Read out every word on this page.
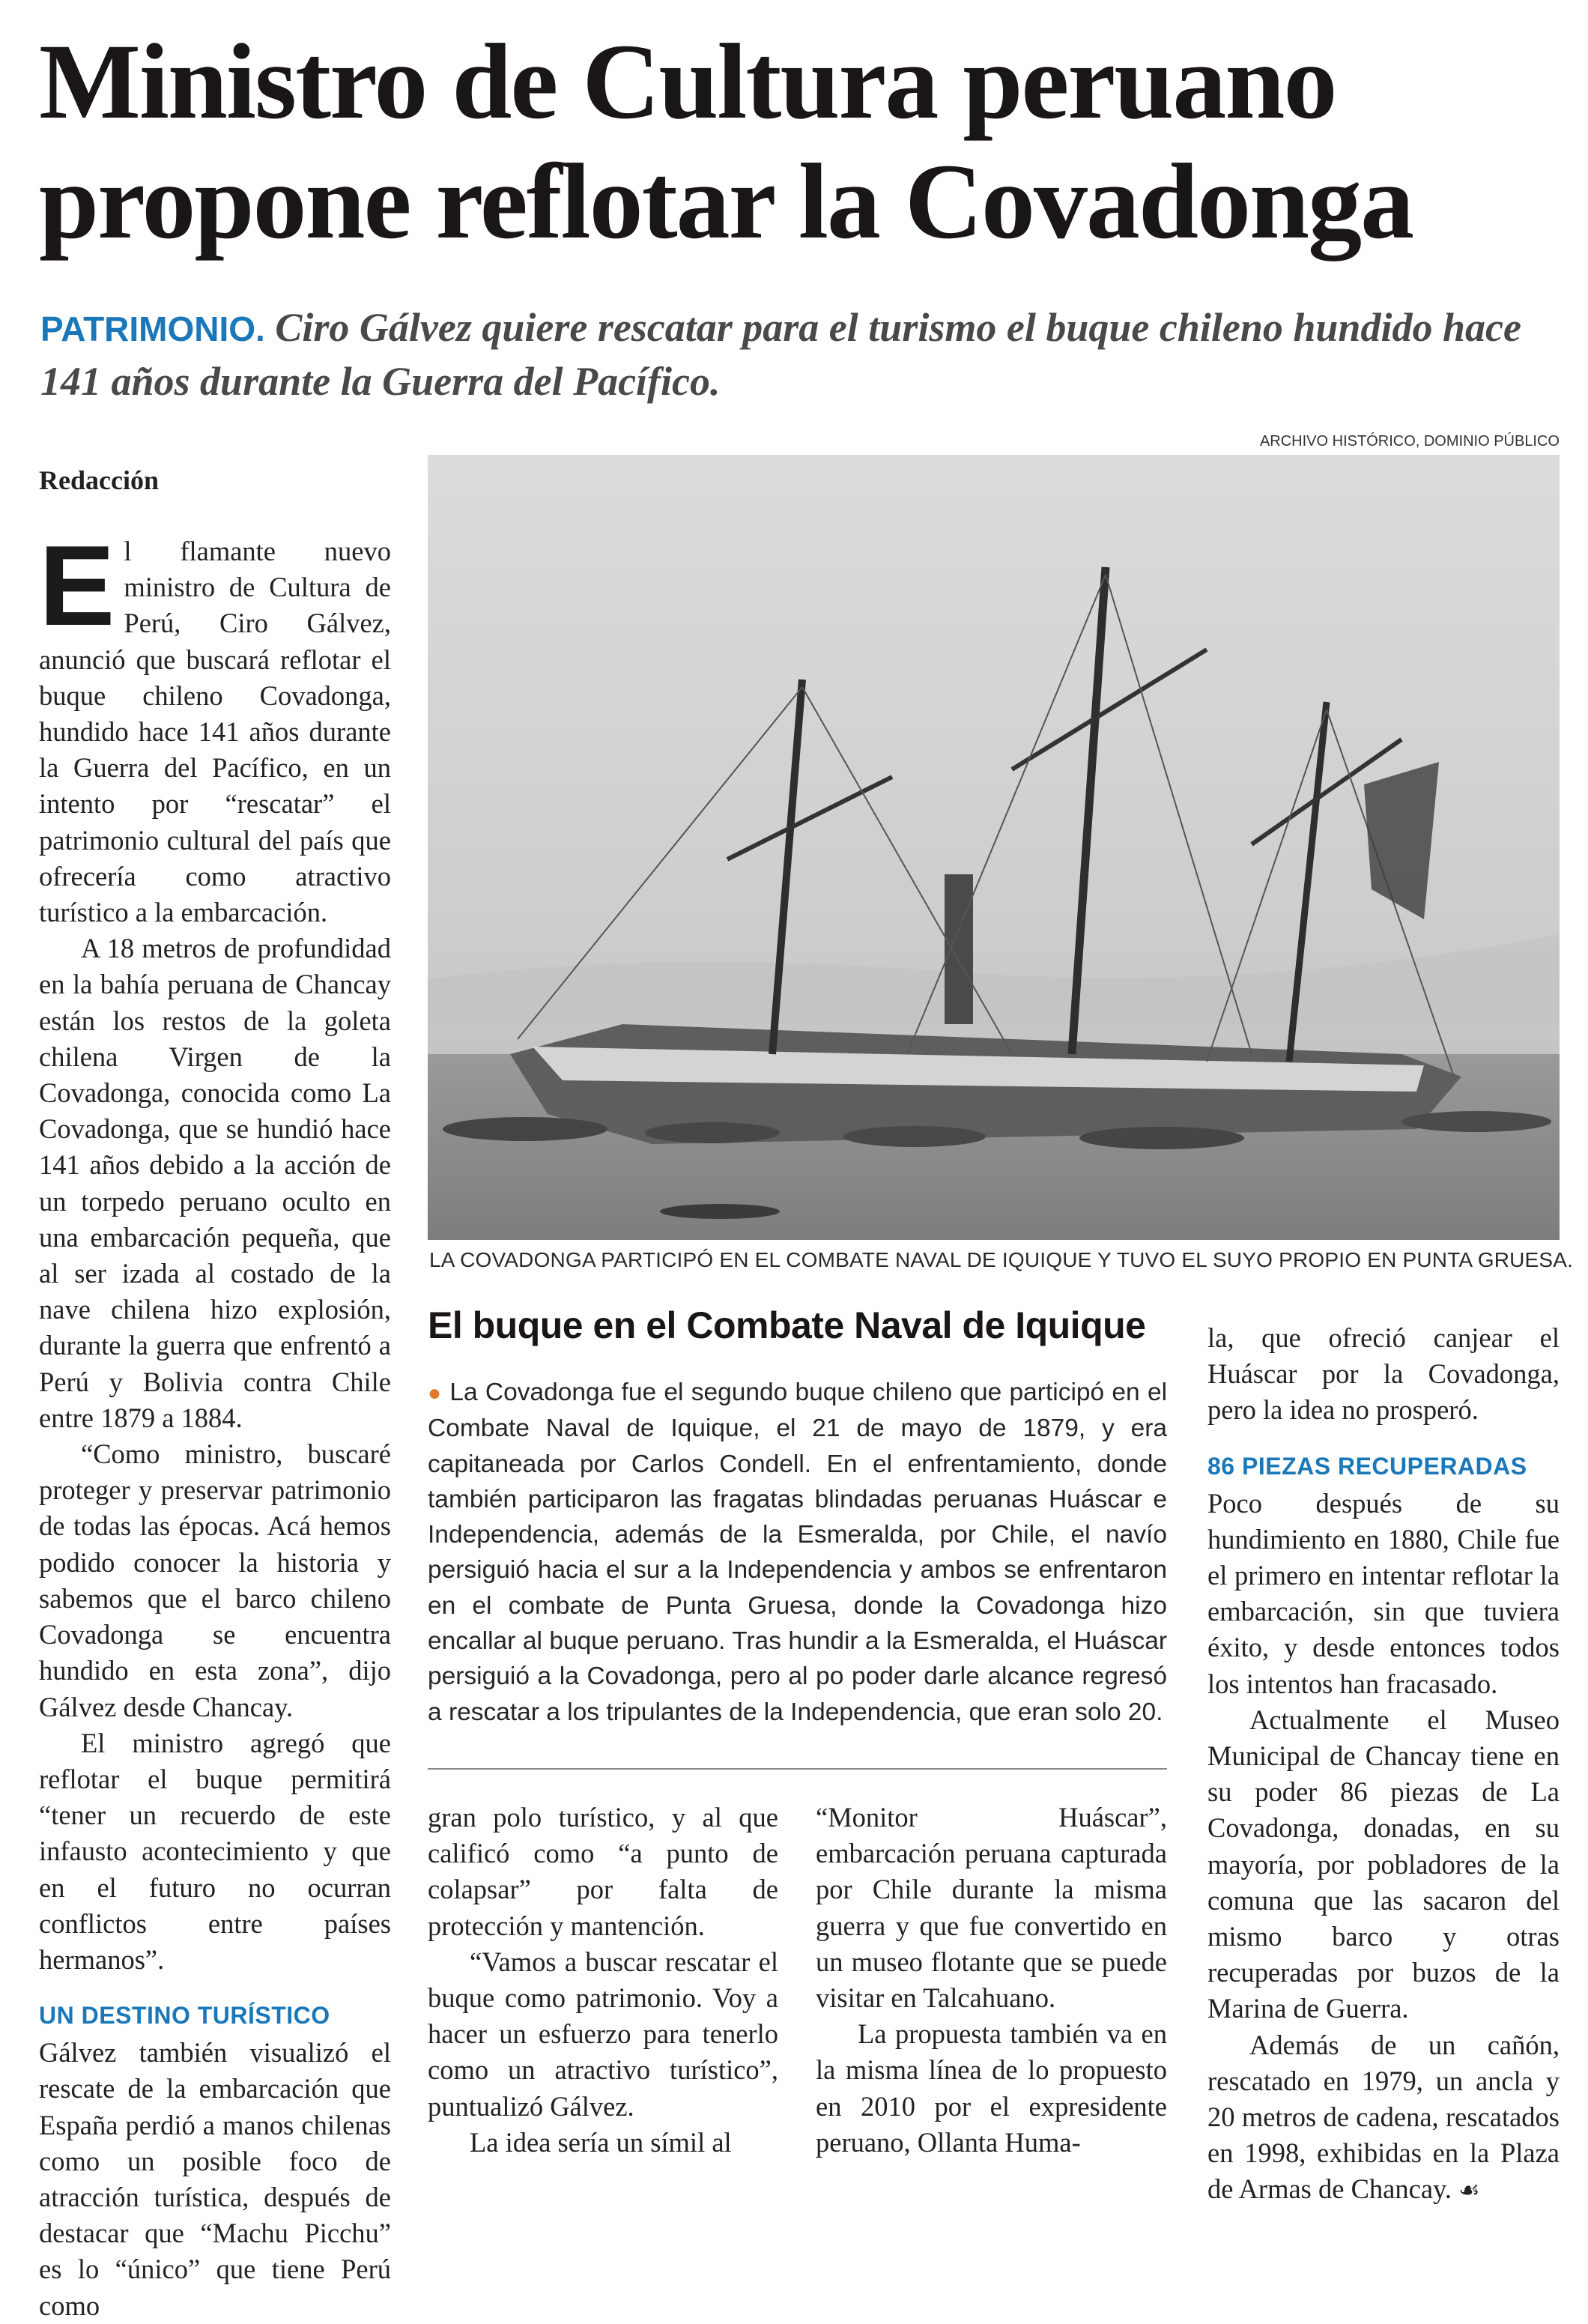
Ministro de Cultura peruano propone reflotar la Covadonga
PATRIMONIO. Ciro Gálvez quiere rescatar para el turismo el buque chileno hundido hace 141 años durante la Guerra del Pacífico.
Redacción
ARCHIVO HISTÓRICO, DOMINIO PÚBLICO
LA COVADONGA PARTICIPÓ EN EL COMBATE NAVAL DE IQUIQUE Y TUVO EL SUYO PROPIO EN PUNTA GRUESA.

El flamante nuevo ministro de Cultura de Perú, Ciro Gálvez, anunció que buscará reflotar el buque chileno Covadonga, hundido hace 141 años durante la Guerra del Pacífico, en un intento por “rescatar” el patrimonio cultural del país que ofrecería como atractivo turístico a la embarcación.

A 18 metros de profundidad en la bahía peruana de Chancay están los restos de la goleta chilena Virgen de la Covadonga, conocida como La Covadonga, que se hundió hace 141 años debido a la acción de un torpedo peruano oculto en una embarcación pequeña, que al ser izada al costado de la nave chilena hizo explosión, durante la guerra que enfrentó a Perú y Bolivia contra Chile entre 1879 a 1884.

“Como ministro, buscaré proteger y preservar patrimonio de todas las épocas. Acá hemos podido conocer la historia y sabemos que el barco chileno Covadonga se encuentra hundido en esta zona”, dijo Gálvez desde Chancay.

El ministro agregó que reflotar el buque permitirá “tener un recuerdo de este infausto acontecimiento y que en el futuro no ocurran conflictos entre países hermanos”.

UN DESTINO TURÍSTICO

Gálvez también visualizó el rescate de la embarcación que España perdió a manos chilenas como un posible foco de atracción turística, después de destacar que “Machu Picchu” es lo “único” que tiene Perú como

El buque en el Combate Naval de Iquique
● La Covadonga fue el segundo buque chileno que participó en el Combate Naval de Iquique, el 21 de mayo de 1879, y era capitaneada por Carlos Condell. En el enfrentamiento, donde también participaron las fragatas blindadas peruanas Huáscar e Independencia, además de la Esmeralda, por Chile, el navío persiguió hacia el sur a la Independencia y ambos se enfrentaron en el combate de Punta Gruesa, donde la Covadonga hizo encallar al buque peruano. Tras hundir a la Esmeralda, el Huáscar persiguió a la Covadonga, pero al po poder darle alcance regresó a rescatar a los tripulantes de la Independencia, que eran solo 20.

gran polo turístico, y al que calificó como “a punto de colapsar” por falta de protección y mantención.

“Vamos a buscar rescatar el buque como patrimonio. Voy a hacer un esfuerzo para tenerlo como un atractivo turístico”, puntualizó Gálvez.

La idea sería un símil al

“Monitor Huáscar”, embarcación peruana capturada por Chile durante la misma guerra y que fue convertido en un museo flotante que se puede visitar en Talcahuano.

La propuesta también va en la misma línea de lo propuesto en 2010 por el expresidente peruano, Ollanta Huma-

la, que ofreció canjear el Huáscar por la Covadonga, pero la idea no prosperó.

86 PIEZAS RECUPERADAS

Poco después de su hundimiento en 1880, Chile fue el primero en intentar reflotar la embarcación, sin que tuviera éxito, y desde entonces todos los intentos han fracasado.

Actualmente el Museo Municipal de Chancay tiene en su poder 86 piezas de La Covadonga, donadas, en su mayoría, por pobladores de la comuna que las sacaron del mismo barco y otras recuperadas por buzos de la Marina de Guerra.

Además de un cañón, rescatado en 1979, un ancla y 20 metros de cadena, rescatados en 1998, exhibidas en la Plaza de Armas de Chancay. ☙
